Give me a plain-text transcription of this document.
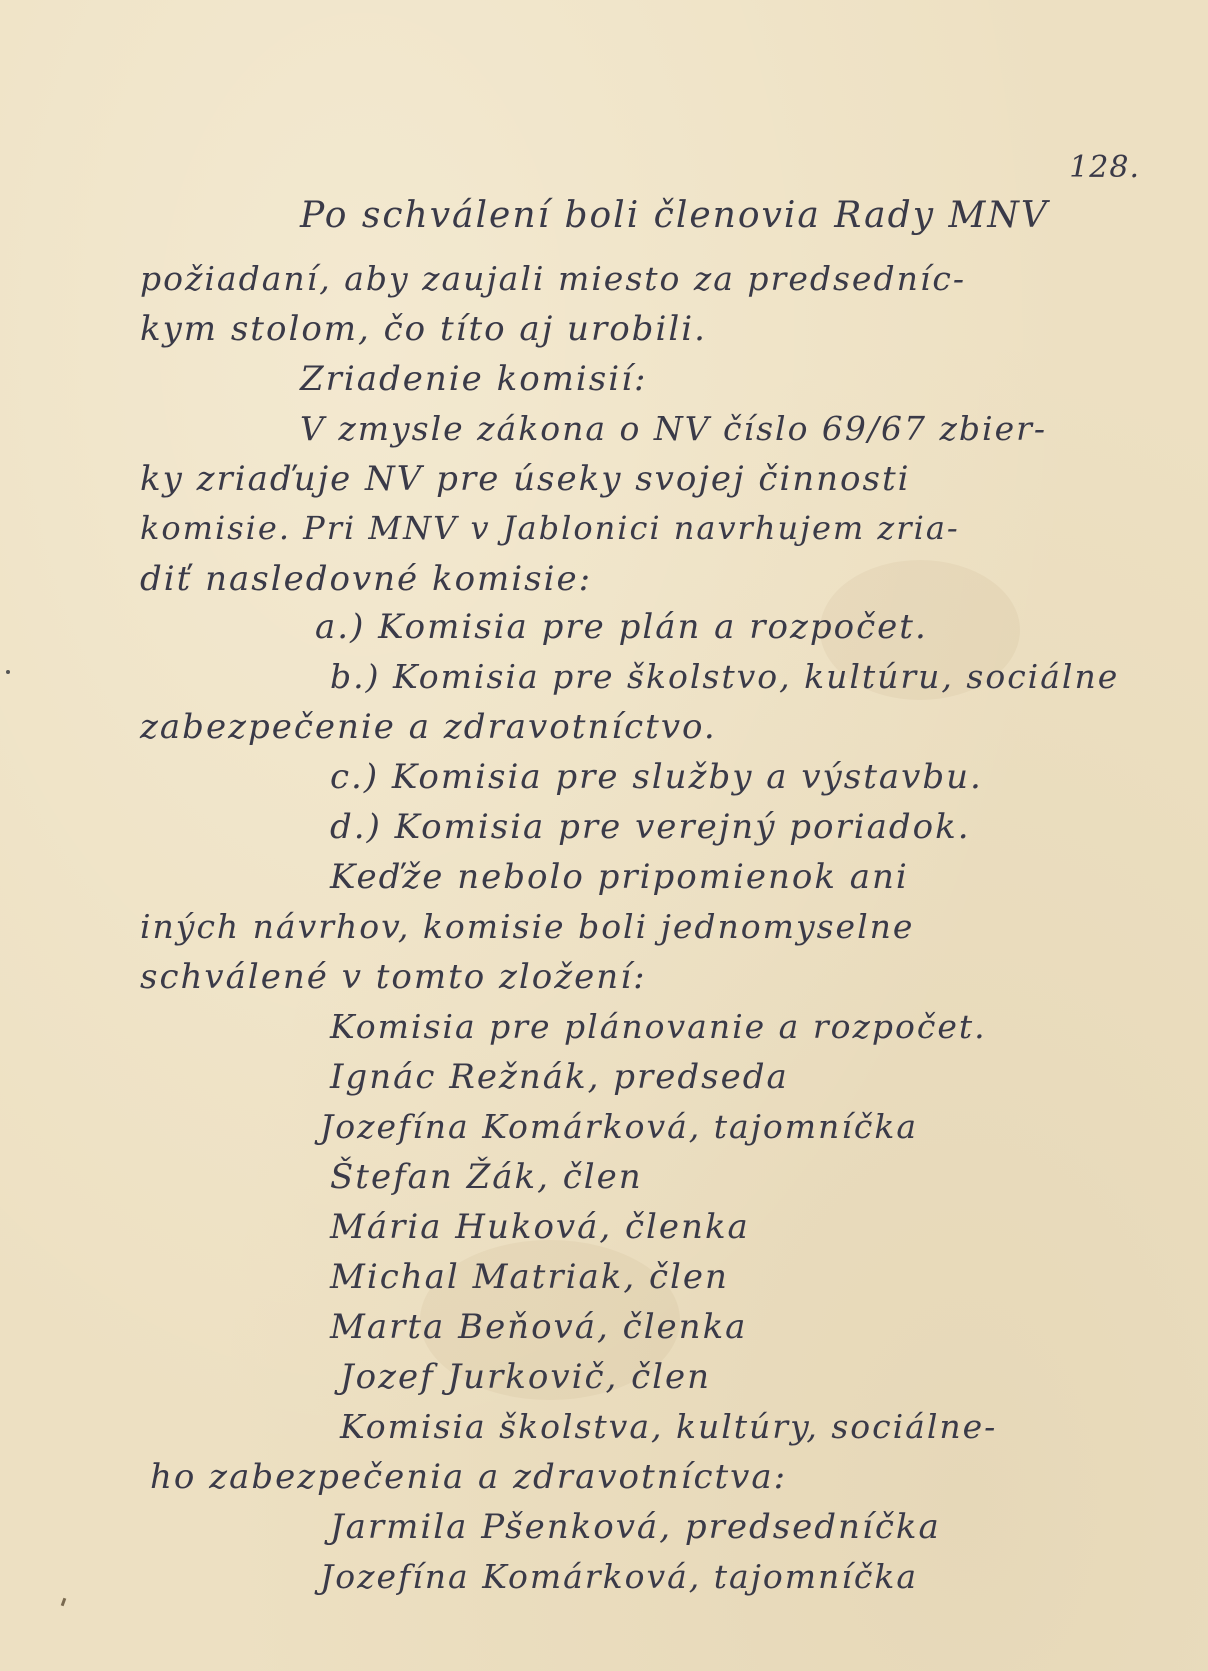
128.
Po schválení boli členovia Rady MNV
požiadaní, aby zaujali miesto za predsedníc-
kym stolom, čo títo aj urobili.
Zriadenie komisií:
V zmysle zákona o NV číslo 69/67 zbier-
ky zriaďuje NV pre úseky svojej činnosti
komisie. Pri MNV v Jablonici navrhujem zria-
diť nasledovné komisie:
a.) Komisia pre plán a rozpočet.
b.) Komisia pre školstvo, kultúru, sociálne
zabezpečenie a zdravotníctvo.
c.) Komisia pre služby a výstavbu.
d.) Komisia pre verejný poriadok.
Keďže nebolo pripomienok ani
iných návrhov, komisie boli jednomyselne
schválené v tomto zložení:
Komisia pre plánovanie a rozpočet.
Ignác Režnák, predseda
Jozefína Komárková, tajomníčka
Štefan Žák, člen
Mária Huková, členka
Michal Matriak, člen
Marta Beňová, členka
Jozef Jurkovič, člen
Komisia školstva, kultúry, sociálne-
ho zabezpečenia a zdravotníctva:
Jarmila Pšenková, predsedníčka
Jozefína Komárková, tajomníčka
